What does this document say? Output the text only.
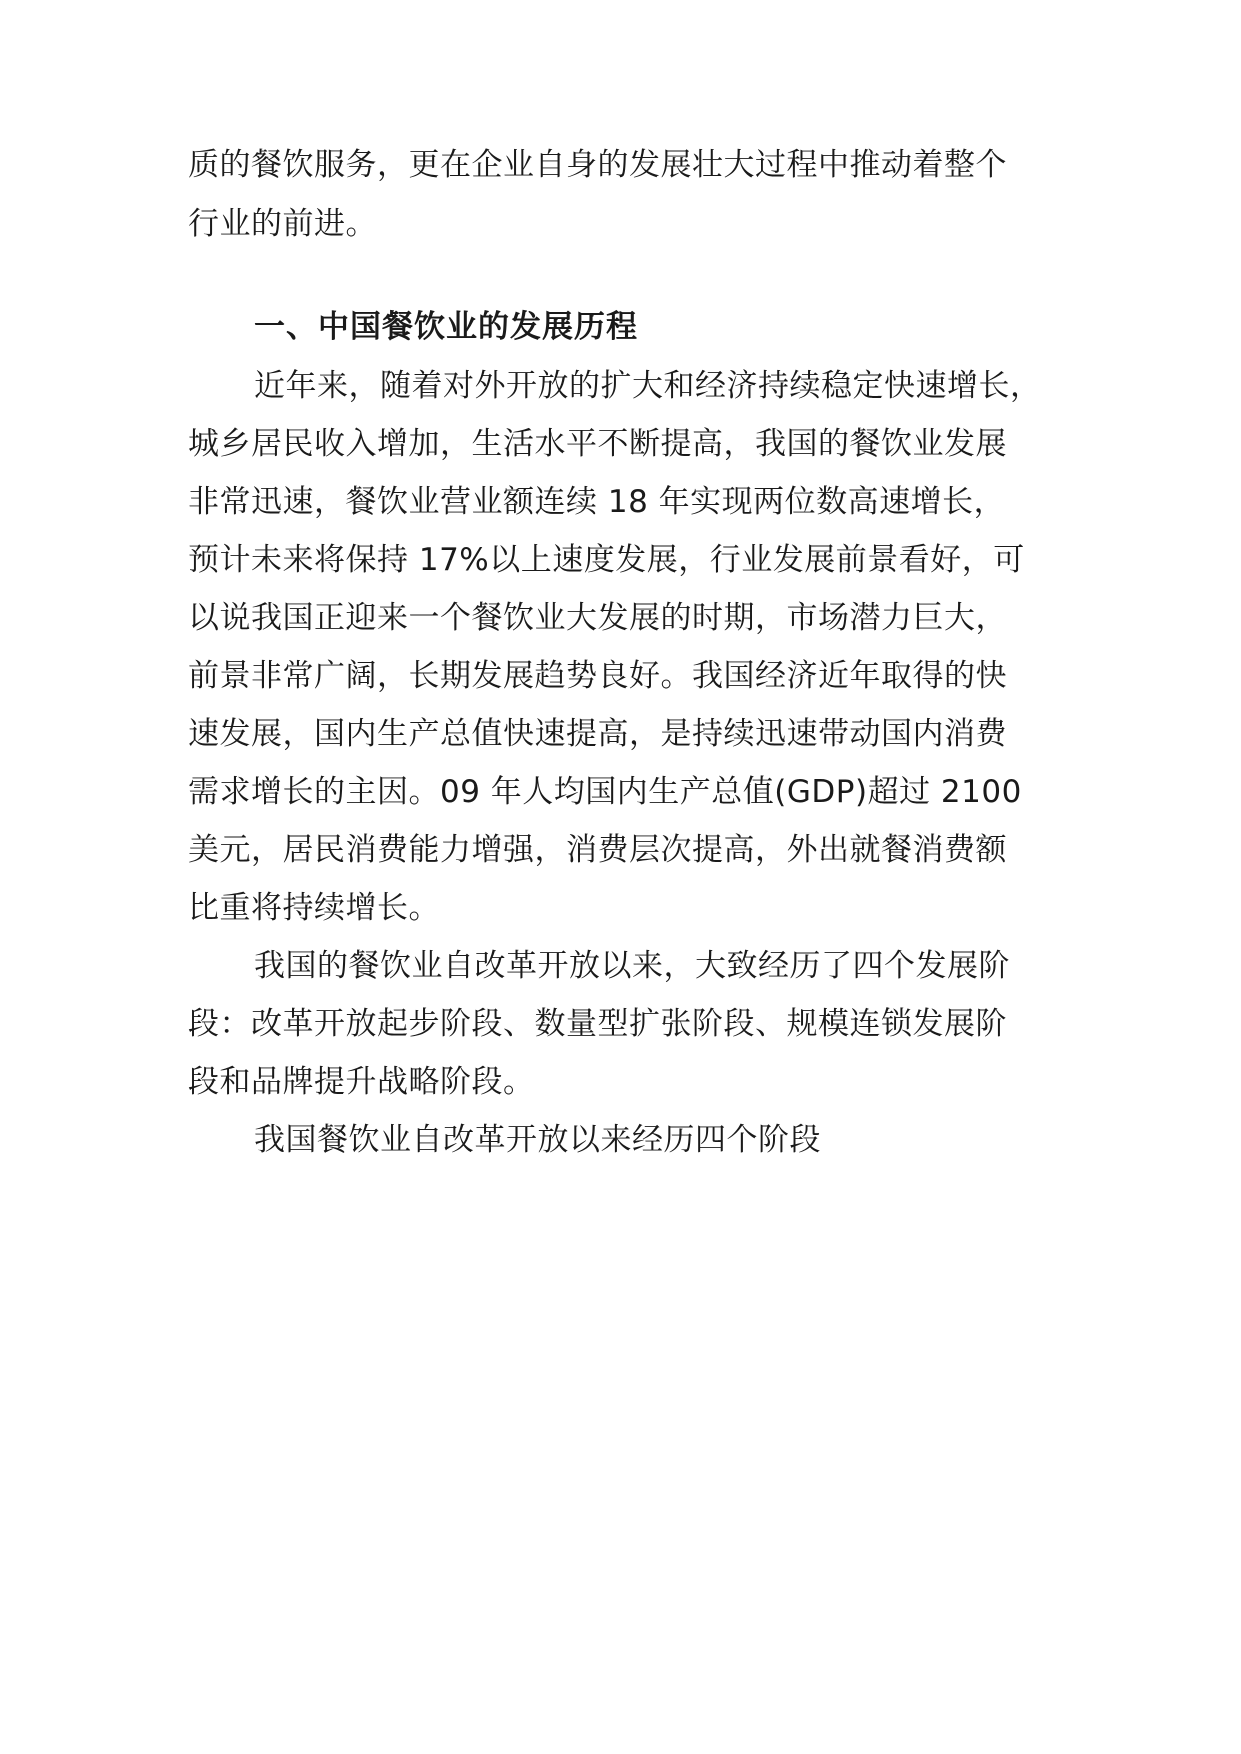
质的餐饮服务，更在企业自身的发展壮大过程中推动着整个
行业的前进。
一、中国餐饮业的发展历程
近年来，随着对外开放的扩大和经济持续稳定快速增长，
城乡居民收入增加，生活水平不断提高，我国的餐饮业发展
非常迅速，餐饮业营业额连续 18 年实现两位数高速增长，
预计未来将保持 17%以上速度发展，行业发展前景看好，可
以说我国正迎来一个餐饮业大发展的时期，市场潜力巨大，
前景非常广阔，长期发展趋势良好。我国经济近年取得的快
速发展，国内生产总值快速提高，是持续迅速带动国内消费
需求增长的主因。09 年人均国内生产总值(GDP)超过 2100
美元，居民消费能力增强，消费层次提高，外出就餐消费额
比重将持续增长。
我国的餐饮业自改革开放以来，大致经历了四个发展阶
段：改革开放起步阶段、数量型扩张阶段、规模连锁发展阶
段和品牌提升战略阶段。
我国餐饮业自改革开放以来经历四个阶段
